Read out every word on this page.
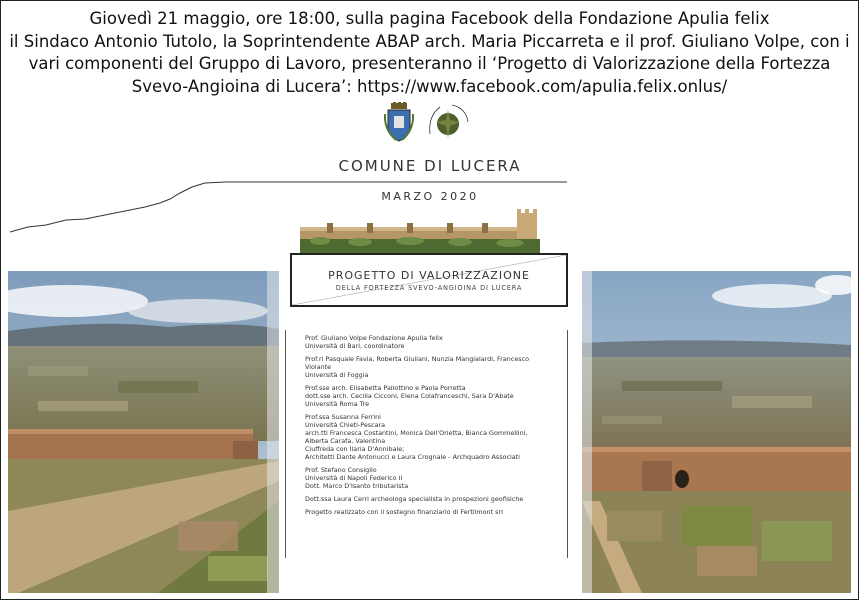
Giovedì 21 maggio, ore 18:00, sulla pagina Facebook della Fondazione Apulia felix
il Sindaco Antonio Tutolo, la Soprintendente ABAP arch. Maria Piccarreta e il prof. Giuliano Volpe, con i
vari componenti del Gruppo di Lavoro, presenteranno il ‘Progetto di Valorizzazione della Fortezza
Svevo-Angioina di Lucera’: https://www.facebook.com/apulia.felix.onlus/
COMUNE DI LUCERA
MARZO 2020
PROGETTO DI VALORIZZAZIONE
DELLA FORTEZZA SVEVO-ANGIOINA DI LUCERA
Prof. Giuliano Volpe Fondazione Apulia felix
Università di Bari, coordinatore
Prof.ri Pasquale Favia, Roberta Giuliani, Nunzia Mangialardi, Francesco
Violante
Università di Foggia
Prof.sse arch. Elisabetta Pallottino e Paola Porretta
dott.sse arch. Cecilia Cicconi, Elena Colafranceschi, Sara D'Abate
Università Roma Tre
Prof.ssa Susanna Ferrini
Università Chieti-Pescara
arch.tti Francesca Costantini, Monica Dell'Orietta, Bianca Gommellini,
Alberta Carafa, Valentina
Ciuffreda con Ilaria D'Annibale;
Architetti Dante Antonucci e Laura Crognale - Archquadro Associati
Prof. Stefano Consiglio
Università di Napoli Federico II
Dott. Marco D'Isanto tributarista
Dott.ssa Laura Cerri archeologa specialista in prospezioni geofisiche
Progetto realizzato con il sostegno finanziario di Fertilmont srl
